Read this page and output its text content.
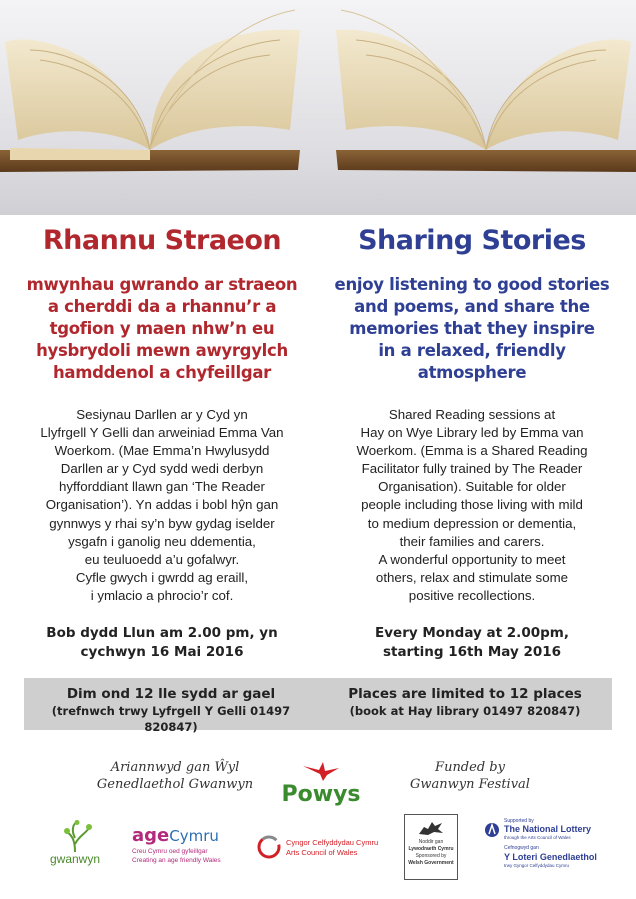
Rhannu Straeon
mwynhau gwrando ar straeon
a cherddi da a rhannu’r a
tgofion y maen nhw’n eu
hysbrydoli mewn awyrgylch
hamddenol a chyfeillgar
Sharing Stories
enjoy listening to good stories
and poems, and share the
memories that they inspire
in a relaxed, friendly
atmosphere
Sesiynau Darllen ar y Cyd yn
Llyfrgell Y Gelli dan arweiniad Emma Van
Woerkom. (Mae Emma’n Hwylusydd
Darllen ar y Cyd sydd wedi derbyn
hyfforddiant llawn gan ‘The Reader
Organisation’). Yn addas i bobl hŷn gan
gynnwys y rhai sy’n byw gydag iselder
ysgafn i ganolig neu ddementia,
eu teuluoedd a’u gofalwyr.
Cyfle gwych i gwrdd ag eraill,
i ymlacio a phrocio’r cof.
Shared Reading sessions at
Hay on Wye Library led by Emma van
Woerkom. (Emma is a Shared Reading
Facilitator fully trained by The Reader
Organisation). Suitable for older
people including those living with mild
to medium depression or dementia,
their families and carers.
A wonderful opportunity to meet
others, relax and stimulate some
positive recollections.
Bob dydd Llun am 2.00 pm, yn
cychwyn 16 Mai 2016
Every Monday at 2.00pm,
starting 16th May 2016
Dim ond 12 lle sydd ar gael
(trefnwch trwy Lyfrgell Y Gelli 01497 820847)
Places are limited to 12 places
(book at Hay library 01497 820847)
Ariannwyd gan Ŵyl
Genedlaethol Gwanwyn
Funded by
Gwanwyn Festival
Powys
gwanwyn
ageCymru
Creu Cymru oed gyfeillgar
Creating an age friendly Wales
Cyngor Celfyddydau Cymru
Arts Council of Wales
Noddir gan
Lywodraeth Cymru
Sponsored by
Welsh Government
Supported by
The National Lottery
through the Arts Council of Wales
Cefnogwyd gan
Y Loteri Genedlaethol
trwy Gyngor Celfyddydau Cymru
